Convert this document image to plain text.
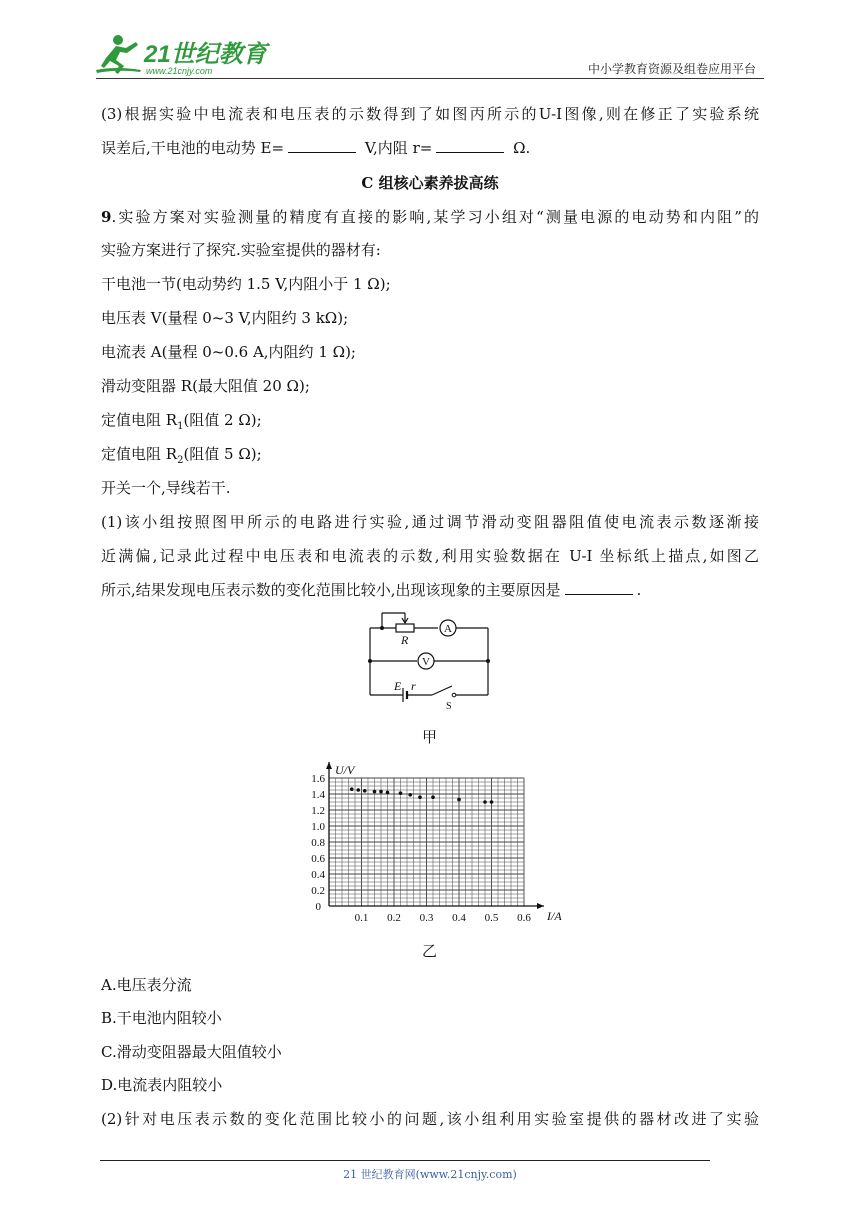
21世纪教育
www.21cnjy.com	中小学教育资源及组卷应用平台
(3)根据实验中电流表和电压表的示数得到了如图丙所示的U-I图像,则在修正了实验系统
误差后,干电池的电动势 E=	V,内阻 r=	Ω.
C 组核心素养拔高练
9.实验方案对实验测量的精度有直接的影响,某学习小组对“测量电源的电动势和内阻”的
实验方案进行了探究.实验室提供的器材有:
干电池一节(电动势约 1.5 V,内阻小于 1 Ω);
电压表 V(量程 0~3 V,内阻约 3 kΩ);
电流表 A(量程 0~0.6 A,内阻约 1 Ω);
滑动变阻器 R(最大阻值 20 Ω);
定值电阻 $R_1$(阻值 2 Ω);
定值电阻 $R_2$(阻值 5 Ω);
开关一个,导线若干.
(1)该小组按照图甲所示的电路进行实验,通过调节滑动变阻器阻值使电流表示数逐渐接
近满偏,记录此过程中电压表和电流表的示数,利用实验数据在 U-I 坐标纸上描点,如图乙
所示,结果发现电压表示数的变化范围比较小,出现该现象的主要原因是	.
R
A
V
E r
S
甲
0.1 0.2 0.3 0.4 0.5 0.6
0.2
0.4
0.6
0.8
1.0
1.2
1.4
1.6
0
I/A
U/V
乙
A.电压表分流
B.干电池内阻较小
C.滑动变阻器最大阻值较小
D.电流表内阻较小
(2)针对电压表示数的变化范围比较小的问题,该小组利用实验室提供的器材改进了实验
21 世纪教育网(www.21cnjy.com)
